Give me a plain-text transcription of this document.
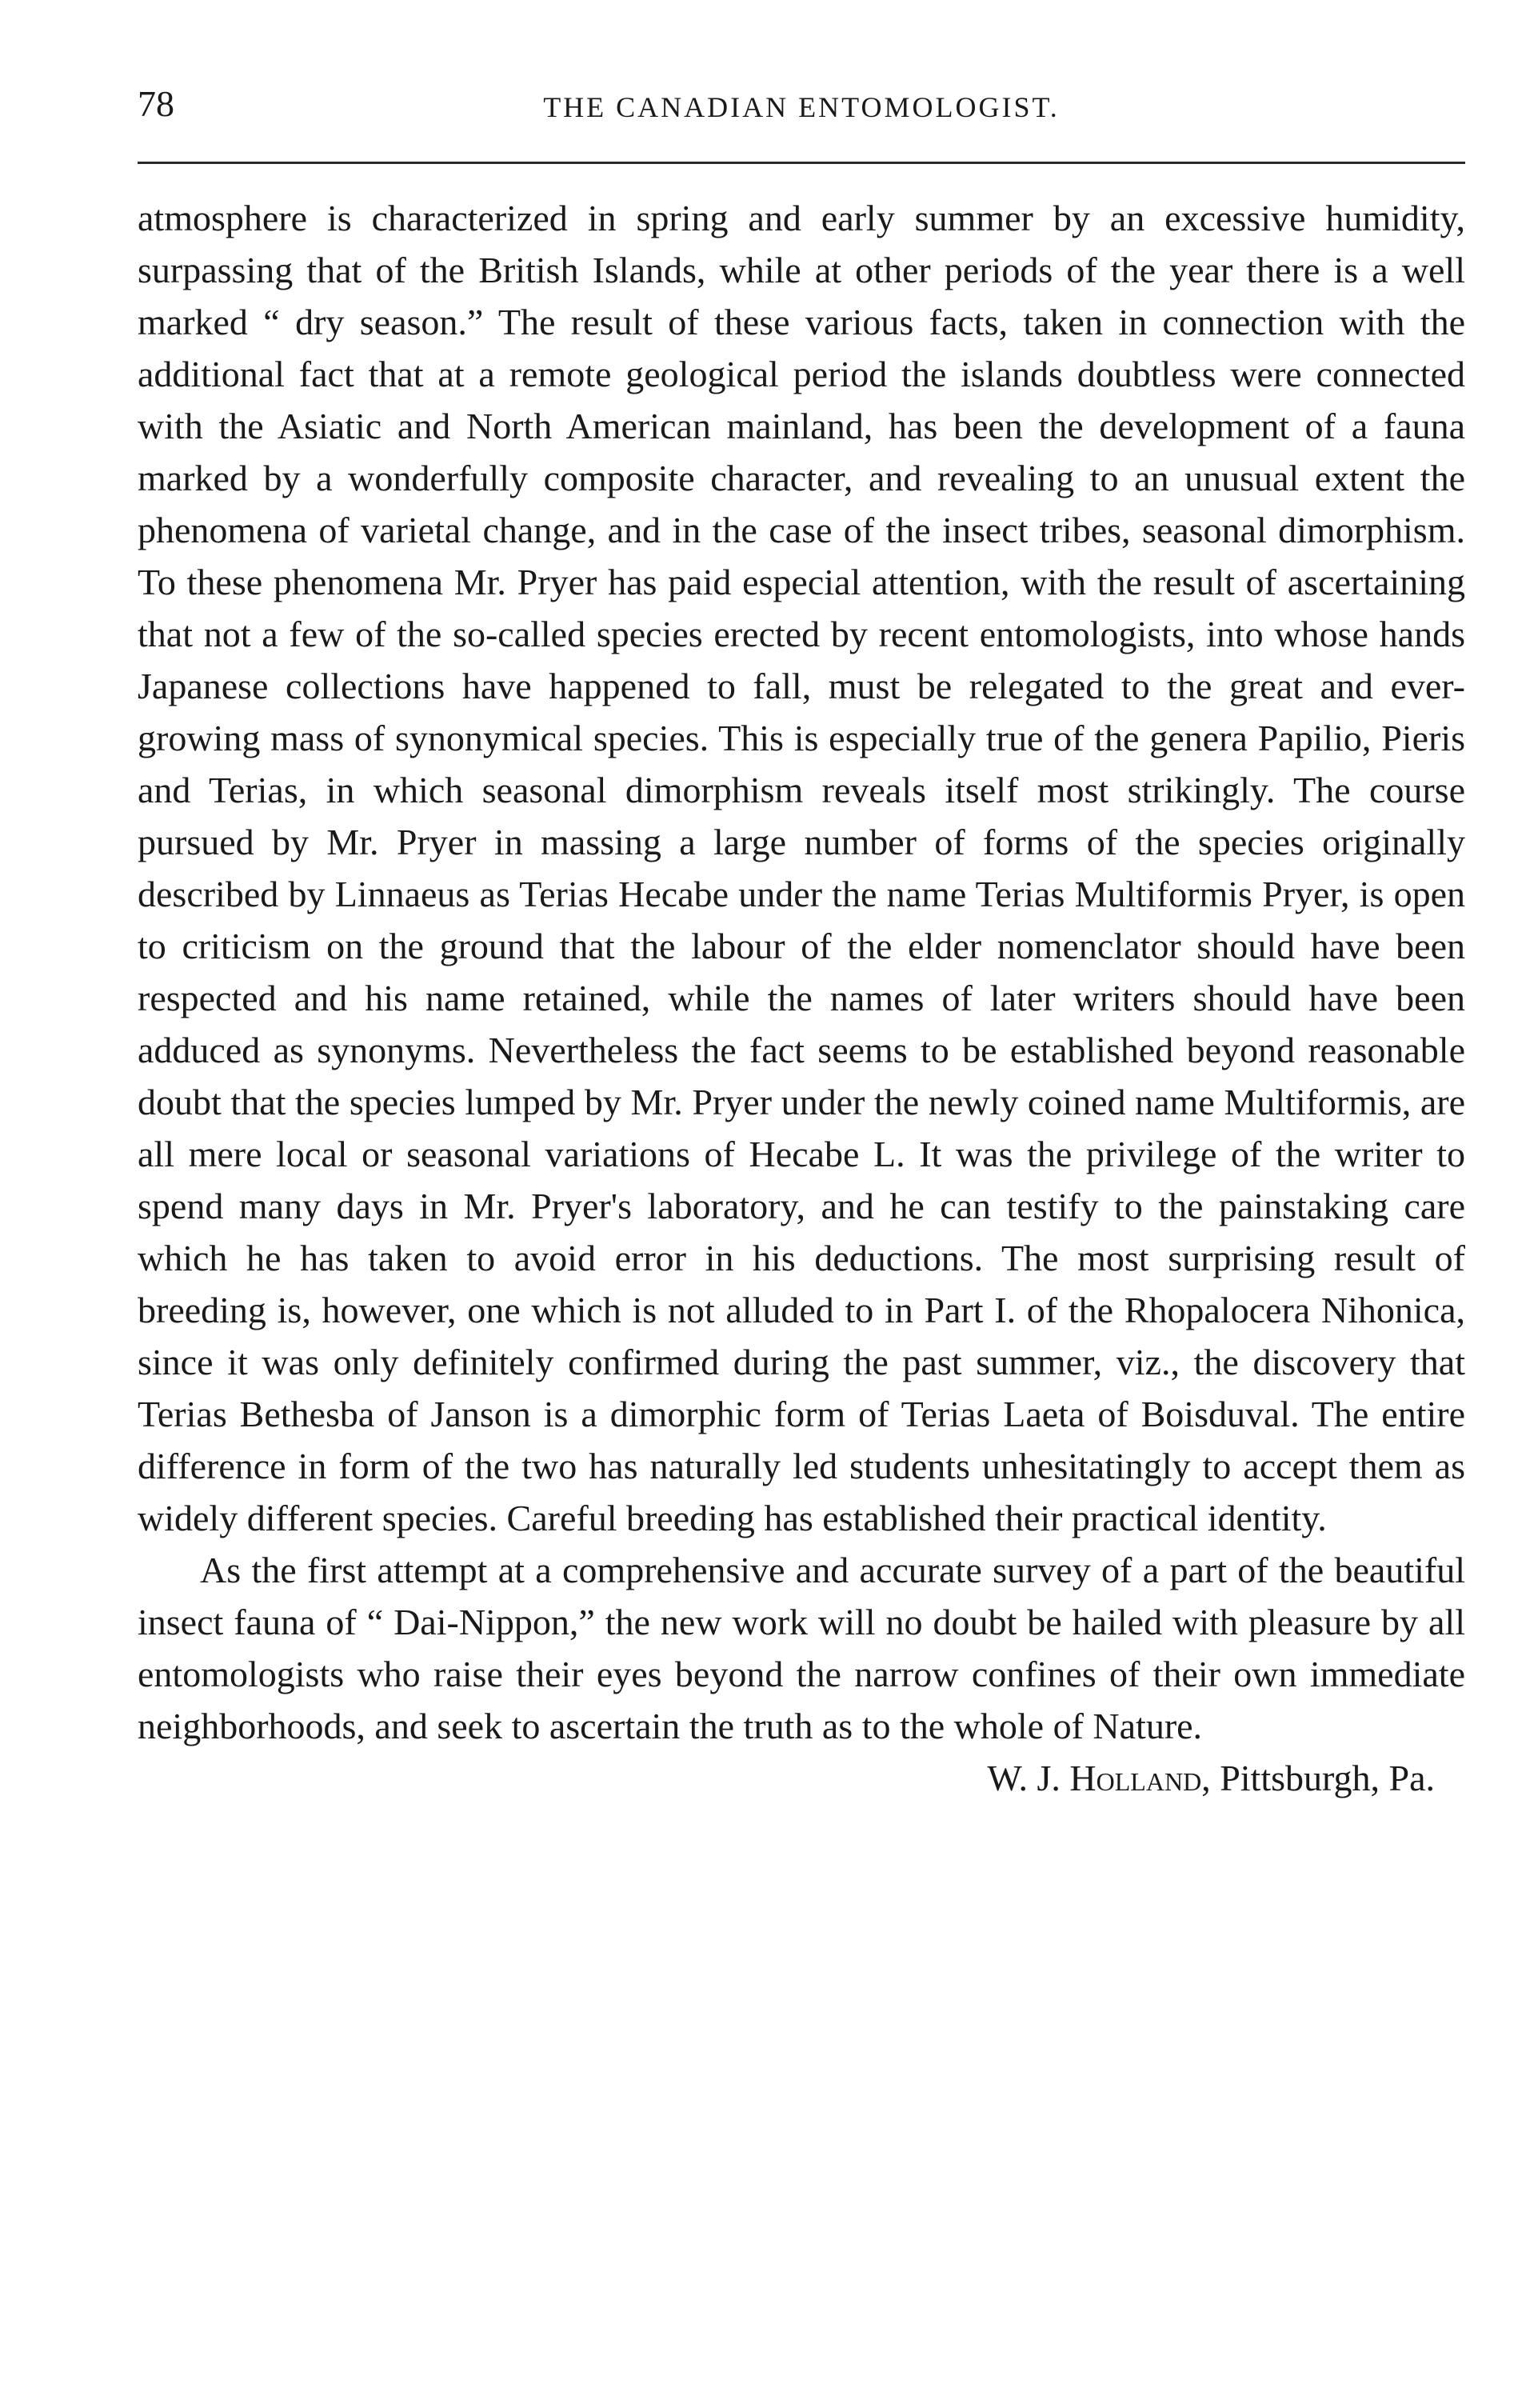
78	THE CANADIAN ENTOMOLOGIST.

atmosphere is characterized in spring and early summer by an excessive humidity, surpassing that of the British Islands, while at other periods of the year there is a well marked “ dry season.” The result of these various facts, taken in connection with the additional fact that at a remote geological period the islands doubtless were connected with the Asiatic and North American mainland, has been the development of a fauna marked by a wonderfully composite character, and revealing to an unusual extent the phenomena of varietal change, and in the case of the insect tribes, seasonal dimorphism. To these phenomena Mr. Pryer has paid especial attention, with the result of ascertaining that not a few of the so-called species erected by recent entomologists, into whose hands Japanese collections have happened to fall, must be relegated to the great and ever-growing mass of synonymical species. This is especially true of the genera Papilio, Pieris and Terias, in which seasonal dimorphism reveals itself most strikingly. The course pursued by Mr. Pryer in massing a large number of forms of the species originally described by Linnaeus as Terias Hecabe under the name Terias Multiformis Pryer, is open to criticism on the ground that the labour of the elder nomenclator should have been respected and his name retained, while the names of later writers should have been adduced as synonyms. Nevertheless the fact seems to be established beyond reasonable doubt that the species lumped by Mr. Pryer under the newly coined name Multiformis, are all mere local or seasonal variations of Hecabe L. It was the privilege of the writer to spend many days in Mr. Pryer's laboratory, and he can testify to the painstaking care which he has taken to avoid error in his deductions. The most surprising result of breeding is, however, one which is not alluded to in Part I. of the Rhopalocera Nihonica, since it was only definitely confirmed during the past summer, viz., the discovery that Terias Bethesba of Janson is a dimorphic form of Terias Laeta of Boisduval. The entire difference in form of the two has naturally led students unhesitatingly to accept them as widely different species. Careful breeding has established their practical identity.

As the first attempt at a comprehensive and accurate survey of a part of the beautiful insect fauna of “ Dai-Nippon,” the new work will no doubt be hailed with pleasure by all entomologists who raise their eyes beyond the narrow confines of their own immediate neighborhoods, and seek to ascertain the truth as to the whole of Nature.

W. J. Holland, Pittsburgh, Pa.
